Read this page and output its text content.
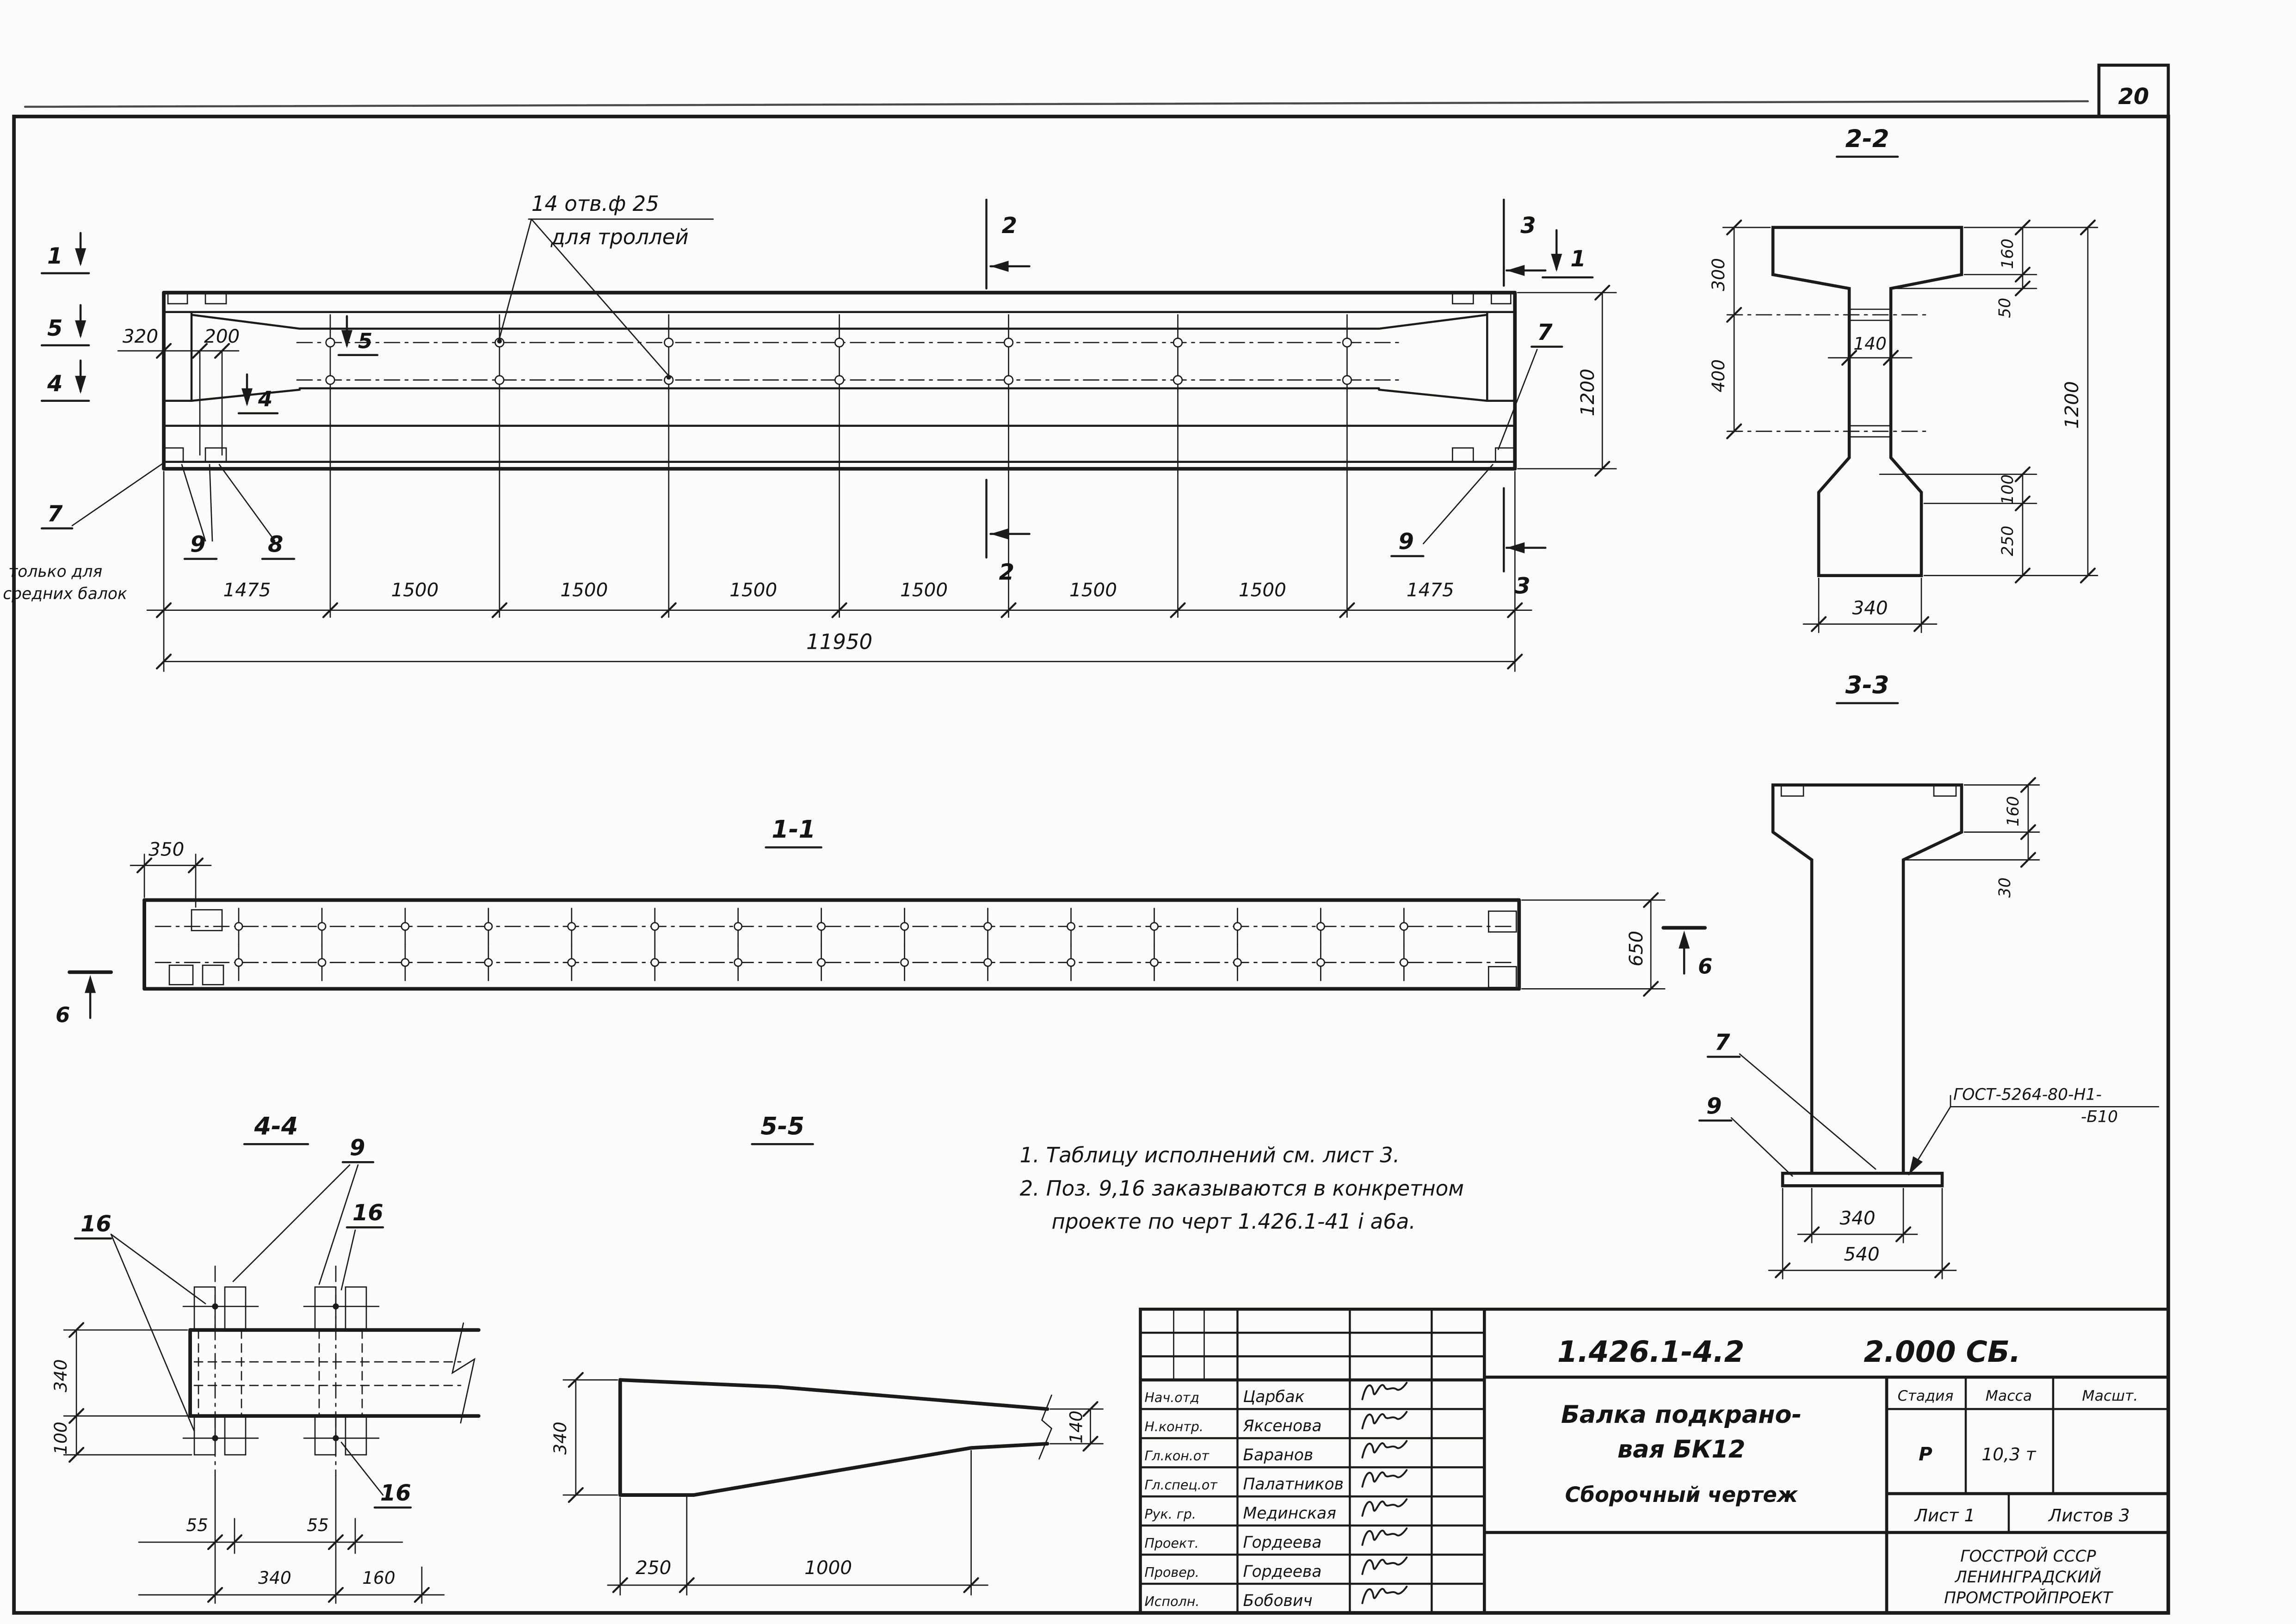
20
14 отв.ф 25
для троллей
1
5
4
5
4
2
2
3
3
1
7
9	8
только для
средних балок
7
9
320	200
1475	1500	1500	1500	1500	1500	1500	1475
11950
1200
1-1
350
650
6
6
2-2
300
400
140
160
50
100
250
1200
340
3-3
7
9	ГОСТ-5264-80-Н1-
-Б10
160
30
340
540
4-4
9
16	16
16
340
100
55	55
340	160
5-5
340	140
250	1000
1. Таблицу исполнений см. лист 3.
2. Поз. 9,16 заказываются в конкретном
проекте по черт 1.426.1-41 і а6а.
1.426.1-4.2	2.000 СБ.
Балка подкрано-
вая БК12
Сборочный чертеж
Стадия	Масса	Масшт.
Р	10,3 т
Лист 1	Листов 3
ГОССТРОЙ СССР
ЛЕНИНГРАДСКИЙ
ПРОМСТРОЙПРОЕКТ
Нач.отд	Царбак
Н.контр.	Яксенова
Гл.кон.от	Баранов
Гл.спец.от	Палатников
Рук. гр.	Мединская
Проект.	Гордеева
Провер.	Гордеева
Исполн.	Бобович
